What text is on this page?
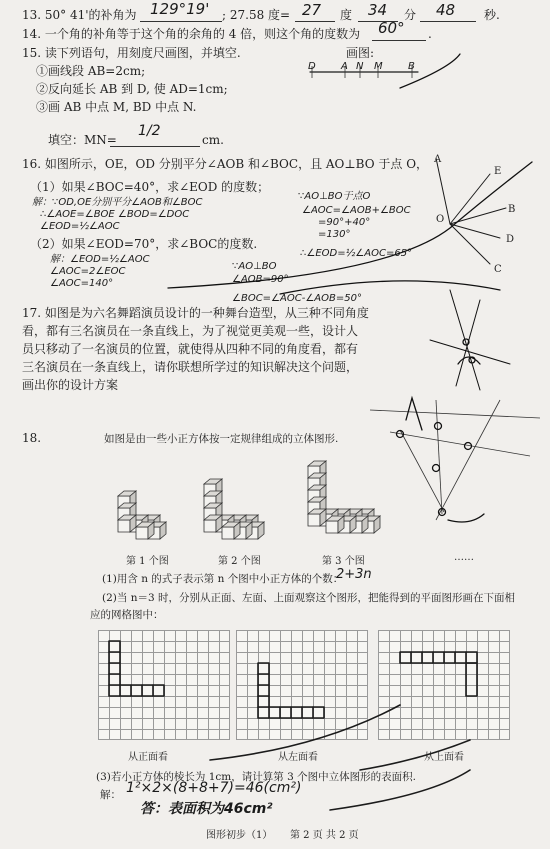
13. 50° 41'的补角为 129°19' ; 27.58 度= 27 度 34 分 48 秒.
14. 一个角的补角等于这个角的余角的 4 倍，则这个角的度数为 60° .
15. 读下列语句，用刻度尺画图，并填空.	画图:
①画线段 AB=2cm;
②反向延长 AB 到 D, 使 AD=1cm;
③画 AB 中点 M, BD 中点 N.
D	A N M	B
填空：MN=
1/2
cm.
16. 如图所示，OE，OD 分别平分∠AOB 和∠BOC，且 AO⊥BO 于点 O，
（1）如果∠BOC=40°，求∠EOD 的度数；
解：∵OD,OE分别平分∠AOB和∠BOC
∴∠AOE=∠BOE ∠BOD=∠DOC
∠EOD=½∠AOC
∵AO⊥BO于点O
∠AOC=∠AOB+∠BOC
=90°+40°
=130°
∴∠EOD=½∠AOC=65°
（2）如果∠EOD=70°，求∠BOC的度数.
解：∠EOD=½∠AOC
∠AOC=2∠EOC
∠AOC=140°
∵AO⊥BO
∠AOB=90°
∠BOC=∠AOC-∠AOB=50°
A
E
O
B
D
C
17. 如图是为六名舞蹈演员设计的一种舞台造型，从三种不同角度
看，都有三名演员在一条直线上，为了视觉更美观一些，设计人
员只移动了一名演员的位置，就使得从四种不同的角度看，都有
三名演员在一条直线上，请你联想所学过的知识解决这个问题，
画出你的设计方案
18.	如图是由一些小正方体按一定规律组成的立体图形.
第 1 个图	第 2 个图	第 3 个图	……
(1)用含 n 的式子表示第 n 个图中小正方体的个数：
2+3n
(2)当 n＝3 时，分别从正面、左面、上面观察这个图形，把能得到的平面图形画在下面相
应的网格图中：
从正面看	从左面看	从上面看
(3)若小正方体的棱长为 1cm，请计算第 3 个图中立体图形的表面积.
解： 1²×2×(8+8+7)=46(cm²)
答：表面积为46cm²
图形初步（1） 第 2 页 共 2 页
